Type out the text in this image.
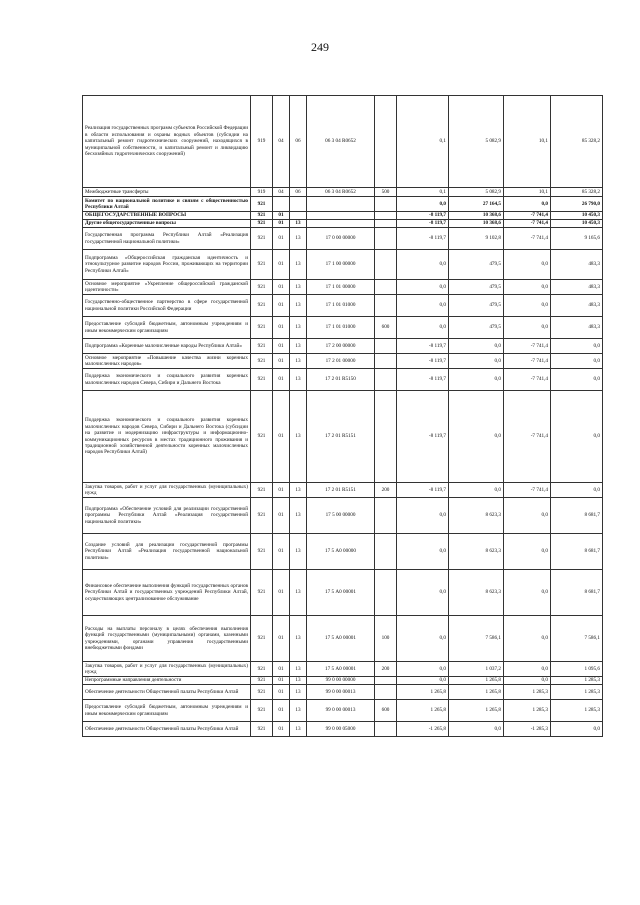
249
Реализация государственных программ субъектов Российской Федерации в области использования и охраны водных объектов (субсидии на капитальный ремонт гидротехнических сооружений, находящихся в муниципальной собственности, и капитальный ремонт и ликвидацию бесхозяйных гидротехнических сооружений)	919	04	06	06 3 04 R0652		0,1	5 082,9	10,1	85 328,2
Межбюджетные трансферты	919	04	06	06 3 04 R0652	500	0,1	5 082,9	10,1	85 328,2
Комитет по национальной политике и связям с общественностью Республики Алтай	921					0,0	27 164,5	0,0	26 790,0
ОБЩЕГОСУДАРСТВЕННЫЕ ВОПРОСЫ	921	01				-8 119,7	10 368,6	-7 741,4	10 450,3
Другие общегосударственные вопросы	921	01	13			-8 119,7	10 368,6	-7 741,4	10 450,3
Государственная программа Республики Алтай «Реализация государственной национальной политики»	921	01	13	17 0 00 00000		-8 119,7	9 102,8	-7 741,4	9 165,6
Подпрограмма «Общероссийская гражданская идентичность и этнокультурное развитие народов России, проживающих на территории Республики Алтай»	921	01	13	17 1 00 00000		0,0	479,5	0,0	483,3
Основное мероприятие «Укрепление общероссийской гражданской идентичности»	921	01	13	17 1 01 00000		0,0	479,5	0,0	483,3
Государственно-общественное партнерство в сфере государственной национальной политики Российской Федерации	921	01	13	17 1 01 01000		0,0	479,5	0,0	483,3
Предоставление субсидий бюджетным, автономным учреждениям и иным некоммерческим организациям	921	01	13	17 1 01 01000	600	0,0	479,5	0,0	483,3
Подпрограмма «Коренные малочисленные народы Республики Алтай»	921	01	13	17 2 00 00000		-8 119,7	0,0	-7 741,4	0,0
Основное мероприятие «Повышение качества жизни коренных малочисленных народов»	921	01	13	17 2 01 00000		-8 119,7	0,0	-7 741,4	0,0
Поддержка экономического и социального развития коренных малочисленных народов Севера, Сибири и Дальнего Востока	921	01	13	17 2 01 R5150		-8 119,7	0,0	-7 741,4	0,0
Поддержка экономического и социального развития коренных малочисленных народов Севера, Сибири и Дальнего Востока (субсидии на развитие и модернизацию инфраструктуры и информационно-коммуникационных ресурсов в местах традиционного проживания и традиционной хозяйственной деятельности коренных малочисленных народов Республики Алтай)	921	01	13	17 2 01 R5151		-8 119,7	0,0	-7 741,4	0,0
Закупка товаров, работ и услуг для государственных (муниципальных) нужд	921	01	13	17 2 01 R5151	200	-8 119,7	0,0	-7 741,4	0,0
Подпрограмма «Обеспечение условий для реализации государственной программы Республики Алтай «Реализация государственной национальной политики»	921	01	13	17 5 00 00000		0,0	8 623,3	0,0	8 681,7
Создание условий для реализации государственной программы Республики Алтай «Реализация государственной национальной политики»	921	01	13	17 5 А0 00000		0,0	8 623,3	0,0	8 681,7
Финансовое обеспечение выполнения функций государственных органов Республики Алтай и государственных учреждений Республики Алтай, осуществляющих централизованное обслуживание	921	01	13	17 5 А0 00001		0,0	8 623,3	0,0	8 681,7
Расходы на выплаты персоналу в целях обеспечения выполнения функций государственными (муниципальными) органами, казенными учреждениями, органами управления государственными внебюджетными фондами	921	01	13	17 5 А0 00001	100	0,0	7 586,1	0,0	7 586,1
Закупка товаров, работ и услуг для государственных (муниципальных) нужд	921	01	13	17 5 А0 00001	200	0,0	1 037,2	0,0	1 095,6
Непрограммные направления деятельности	921	01	13	99 0 00 00000		0,0	1 265,8	0,0	1 285,3
Обеспечение деятельности Общественной палаты Республики Алтай	921	01	13	99 0 00 00013		1 265,8	1 265,8	1 285,3	1 285,3
Предоставление субсидий бюджетным, автономным учреждениям и иным некоммерческим организациям	921	01	13	99 0 00 00013	600	1 265,8	1 265,8	1 285,3	1 285,3
Обеспечение деятельности Общественной палаты Республики Алтай	921	01	13	99 0 00 05000		-1 265,8	0,0	-1 285,3	0,0
